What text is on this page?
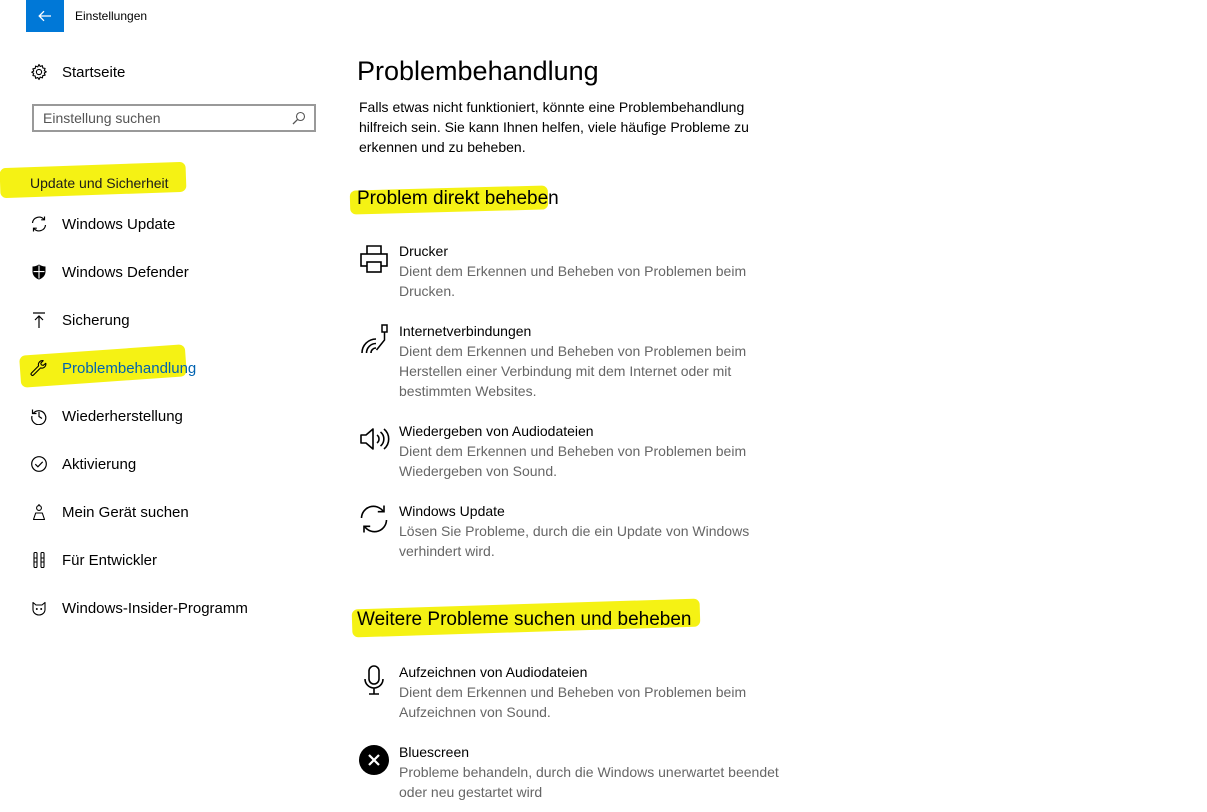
Einstellungen
Startseite
Einstellung suchen
Update und Sicherheit
Windows Update
Windows Defender
Sicherung
Problembehandlung
Wiederherstellung
Aktivierung
Mein Gerät suchen
Für Entwickler
Windows-Insider-Programm
Problembehandlung
Falls etwas nicht funktioniert, könnte eine Problembehandlung hilfreich sein. Sie kann Ihnen helfen, viele häufige Probleme zu erkennen und zu beheben.
Problem direkt beheben
Drucker
Dient dem Erkennen und Beheben von Problemen beim Drucken.
Internetverbindungen
Dient dem Erkennen und Beheben von Problemen beim Herstellen einer Verbindung mit dem Internet oder mit bestimmten Websites.
Wiedergeben von Audiodateien
Dient dem Erkennen und Beheben von Problemen beim Wiedergeben von Sound.
Windows Update
Lösen Sie Probleme, durch die ein Update von Windows verhindert wird.
Weitere Probleme suchen und beheben
Aufzeichnen von Audiodateien
Dient dem Erkennen und Beheben von Problemen beim Aufzeichnen von Sound.
Bluescreen
Probleme behandeln, durch die Windows unerwartet beendet oder neu gestartet wird
